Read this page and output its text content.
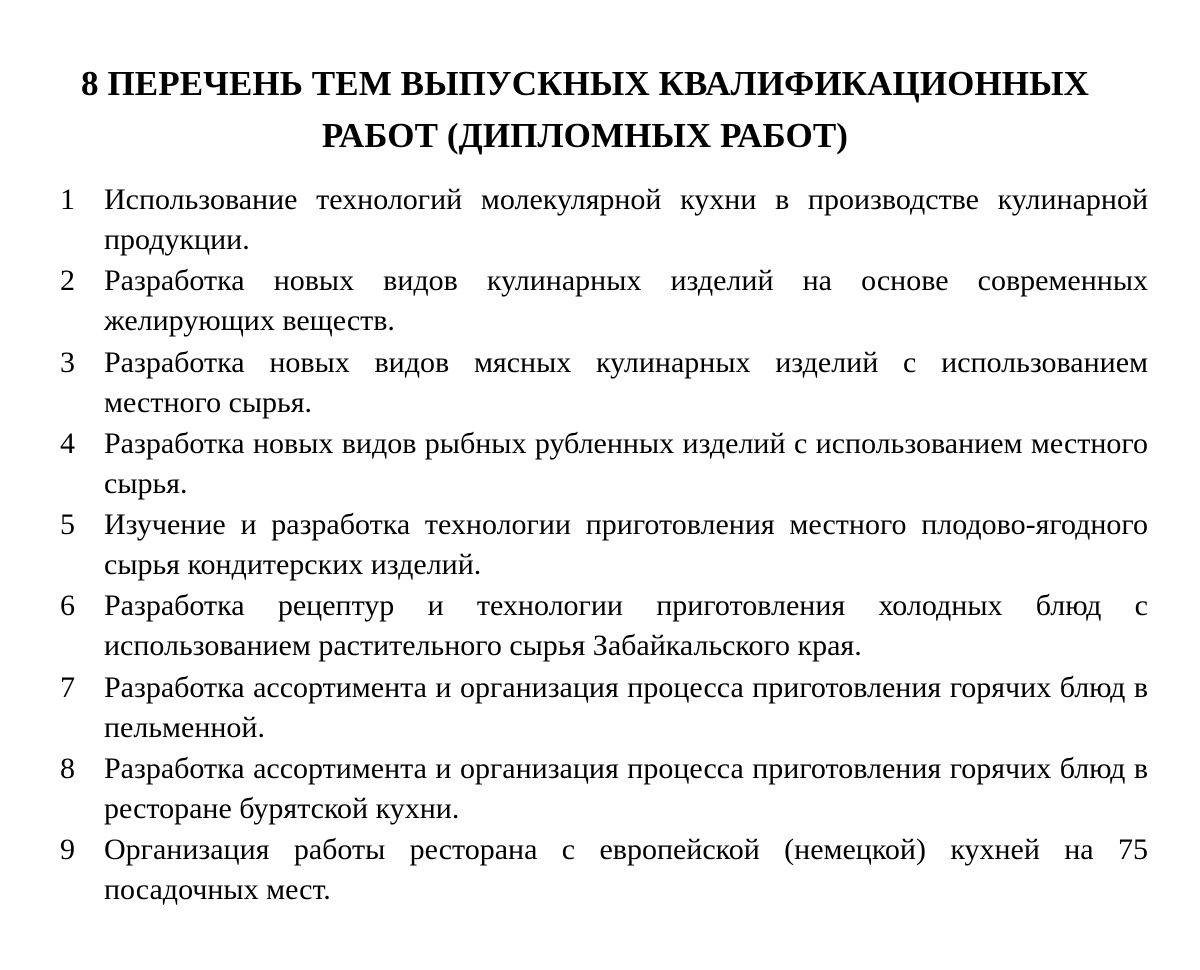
8 ПЕРЕЧЕНЬ ТЕМ ВЫПУСКНЫХ КВАЛИФИКАЦИОННЫХ
РАБОТ (ДИПЛОМНЫХ РАБОТ)
1 Использование технологий молекулярной кухни в производстве кулинарной продукции.
2 Разработка новых видов кулинарных изделий на основе современных желирующих веществ.
3 Разработка новых видов мясных кулинарных изделий с использованием местного сырья.
4 Разработка новых видов рыбных рубленных изделий с использованием местного сырья.
5 Изучение и разработка технологии приготовления местного плодово-ягодного сырья кондитерских изделий.
6 Разработка рецептур и технологии приготовления холодных блюд с использованием растительного сырья Забайкальского края.
7 Разработка ассортимента и организация процесса приготовления горячих блюд в пельменной.
8 Разработка ассортимента и организация процесса приготовления горячих блюд в ресторане бурятской кухни.
9 Организация работы ресторана с европейской (немецкой) кухней на 75 посадочных мест.
